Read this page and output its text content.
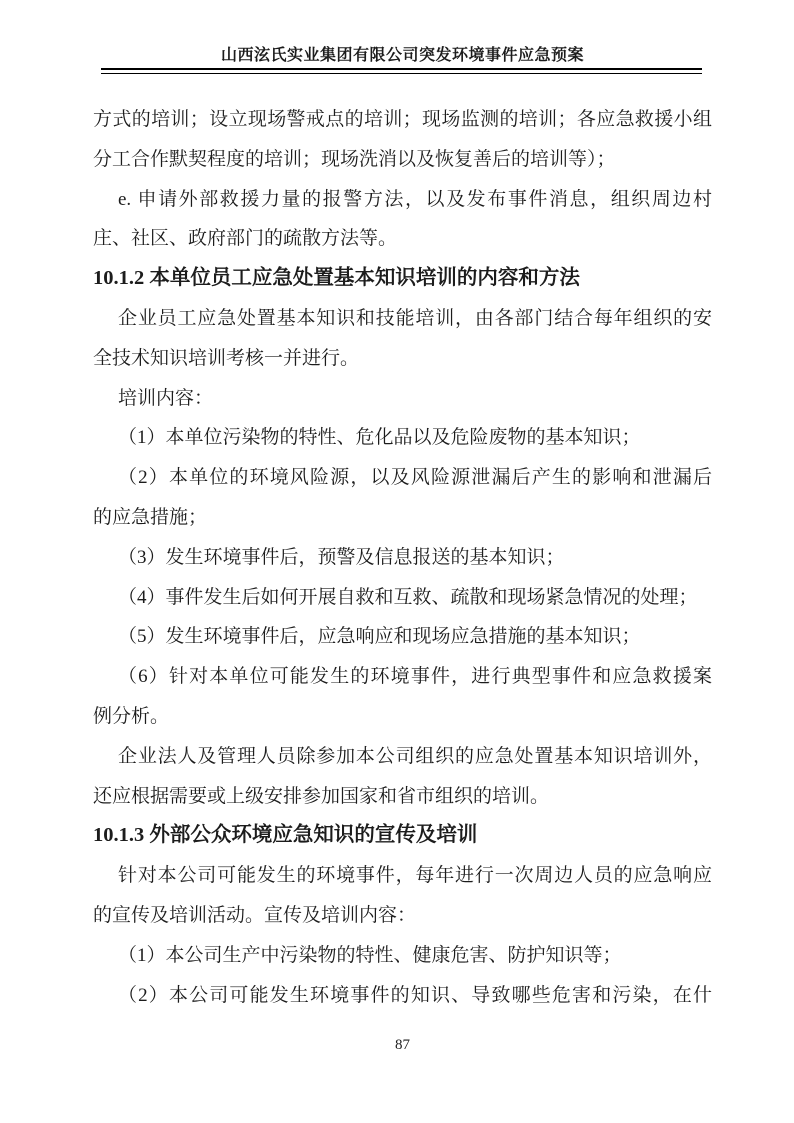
山西泫氏实业集团有限公司突发环境事件应急预案
方式的培训；设立现场警戒点的培训；现场监测的培训；各应急救援小组
分工合作默契程度的培训；现场洗消以及恢复善后的培训等）；
e. 申请外部救援力量的报警方法，以及发布事件消息，组织周边村
庄、社区、政府部门的疏散方法等。
10.1.2 本单位员工应急处置基本知识培训的内容和方法
企业员工应急处置基本知识和技能培训，由各部门结合每年组织的安
全技术知识培训考核一并进行。
培训内容：
（1）本单位污染物的特性、危化品以及危险废物的基本知识；
（2）本单位的环境风险源，以及风险源泄漏后产生的影响和泄漏后
的应急措施；
（3）发生环境事件后，预警及信息报送的基本知识；
（4）事件发生后如何开展自救和互救、疏散和现场紧急情况的处理；
（5）发生环境事件后，应急响应和现场应急措施的基本知识；
（6）针对本单位可能发生的环境事件，进行典型事件和应急救援案
例分析。
企业法人及管理人员除参加本公司组织的应急处置基本知识培训外，
还应根据需要或上级安排参加国家和省市组织的培训。
10.1.3 外部公众环境应急知识的宣传及培训
针对本公司可能发生的环境事件，每年进行一次周边人员的应急响应
的宣传及培训活动。宣传及培训内容：
（1）本公司生产中污染物的特性、健康危害、防护知识等；
（2）本公司可能发生环境事件的知识、导致哪些危害和污染，在什
87
